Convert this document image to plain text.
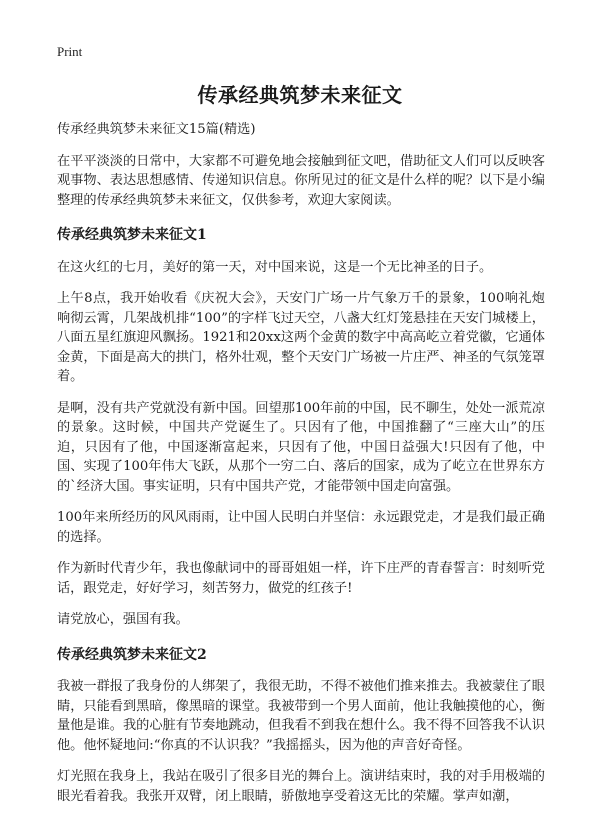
Print
传承经典筑梦未来征文

传承经典筑梦未来征文15篇(精选)

在平平淡淡的日常中，大家都不可避免地会接触到征文吧，借助征文人们可以反映客观事物、表达思想感情、传递知识信息。你所见过的征文是什么样的呢？以下是小编整理的传承经典筑梦未来征文，仅供参考，欢迎大家阅读。

传承经典筑梦未来征文1

在这火红的七月，美好的第一天，对中国来说，这是一个无比神圣的日子。

上午8点，我开始收看《庆祝大会》，天安门广场一片气象万千的景象，100响礼炮响彻云霄，几架战机排“100”的字样飞过天空，八盏大红灯笼悬挂在天安门城楼上，八面五星红旗迎风飘扬。1921和20xx这两个金黄的数字中高高屹立着党徽，它通体金黄，下面是高大的拱门，格外壮观，整个天安门广场被一片庄严、神圣的气氛笼罩着。

是啊，没有共产党就没有新中国。回望那100年前的中国，民不聊生，处处一派荒凉的景象。这时候，中国共产党诞生了。只因有了他，中国推翻了“三座大山”的压迫，只因有了他，中国逐渐富起来，只因有了他，中国日益强大!只因有了他，中国、实现了100年伟大飞跃，从那个一穷二白、落后的国家，成为了屹立在世界东方的`经济大国。事实证明，只有中国共产党，才能带领中国走向富强。

100年来所经历的风风雨雨，让中国人民明白并坚信：永远跟党走，才是我们最正确的选择。

作为新时代青少年，我也像献词中的哥哥姐姐一样，许下庄严的青春誓言：时刻听党话，跟党走，好好学习，刻苦努力，做党的红孩子!

请党放心，强国有我。

传承经典筑梦未来征文2

我被一群报了我身份的人绑架了，我很无助，不得不被他们推来推去。我被蒙住了眼睛，只能看到黑暗，像黑暗的课堂。我被带到一个男人面前，他让我触摸他的心，衡量他是谁。我的心脏有节奏地跳动，但我看不到我在想什么。我不得不回答我不认识他。他怀疑地问:“你真的不认识我？”我摇摇头，因为他的声音好奇怪。

灯光照在我身上，我站在吸引了很多目光的舞台上。演讲结束时，我的对手用极端的眼光看着我。我张开双臂，闭上眼睛，骄傲地享受着这无比的荣耀。掌声如潮，
